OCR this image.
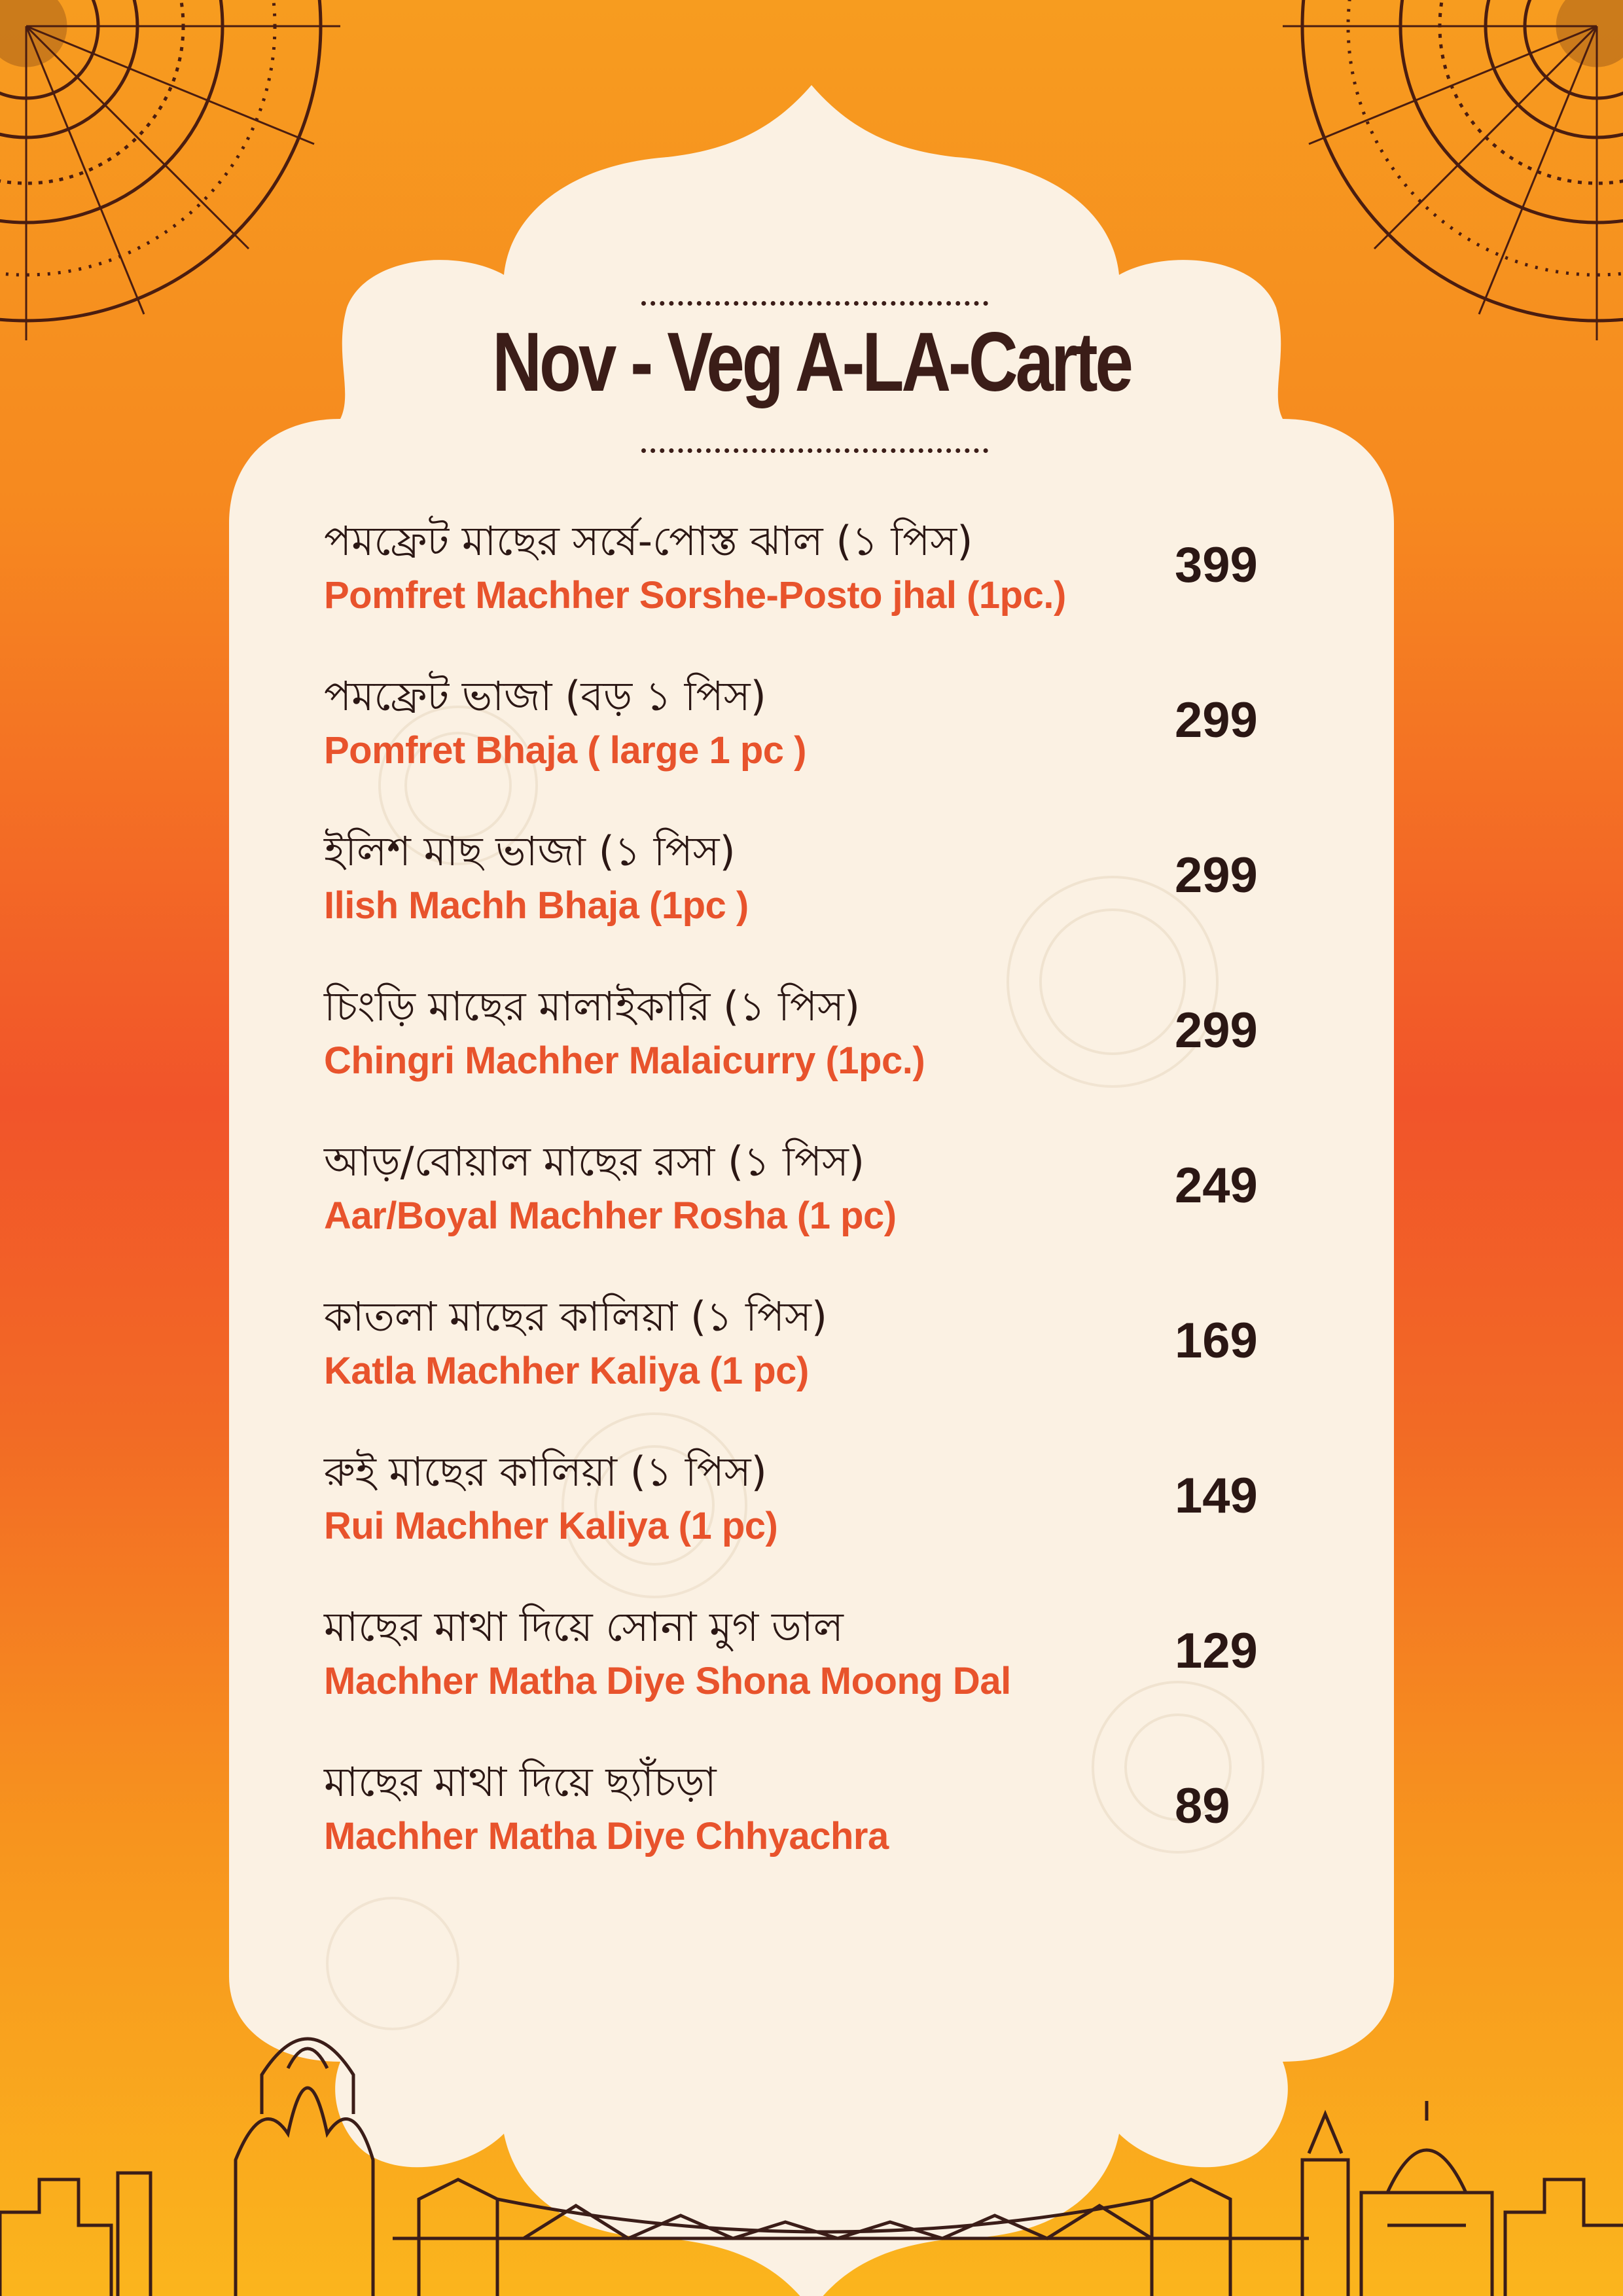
Nov - Veg A-LA-Carte
পমফ্রেট মাছের সর্ষে-পোস্ত ঝাল (১ পিস)
Pomfret Machher Sorshe-Posto jhal (1pc.)
399
পমফ্রেট ভাজা (বড় ১ পিস)
Pomfret Bhaja ( large 1 pc )
299
ইলিশ মাছ ভাজা (১ পিস)
Ilish Machh Bhaja (1pc )
299
চিংড়ি মাছের মালাইকারি (১ পিস)
Chingri Machher Malaicurry (1pc.)
299
আড়/বোয়াল মাছের রসা (১ পিস)
Aar/Boyal Machher Rosha (1 pc)
249
কাতলা মাছের কালিয়া (১ পিস)
Katla Machher Kaliya (1 pc)
169
রুই মাছের কালিয়া (১ পিস)
Rui Machher Kaliya (1 pc)
149
মাছের মাথা দিয়ে সোনা মুগ ডাল
Machher Matha Diye Shona Moong Dal
129
মাছের মাথা দিয়ে ছ্যাঁচড়া
Machher Matha Diye Chhyachra
89
